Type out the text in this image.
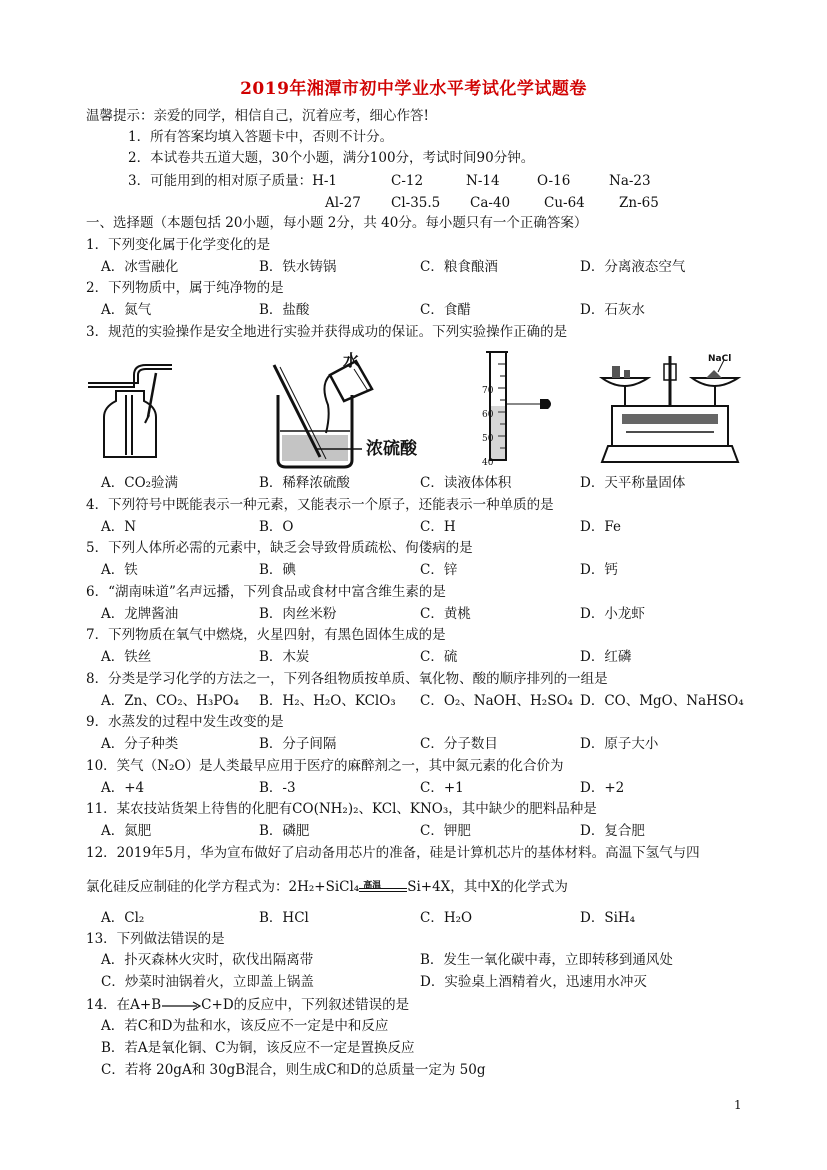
2019年湘潭市初中学业水平考试化学试题卷
温馨提示：亲爱的同学，相信自己，沉着应考，细心作答!
1．所有答案均填入答题卡中，否则不计分。
2．本试卷共五道大题，30个小题，满分100分，考试时间90分钟。
3．可能用到的相对原子质量：H-1	C-12	N-14	O-16	Na-23
Al-27 Cl-35.5 Ca-40	Cu-64	Zn-65
一、选择题（本题包括 20小题，每小题 2分，共 40分。每小题只有一个正确答案）
1．下列变化属于化学变化的是
A．冰雪融化	B．铁水铸锅	C．粮食酿酒	D．分离液态空气
2．下列物质中，属于纯净物的是
A．氮气	B．盐酸	C．食醋	D．石灰水
3．规范的实验操作是安全地进行实验并获得成功的保证。下列实验操作正确的是
水
浓硫酸
70
60
50
40
NaCl
A．CO₂验满	B．稀释浓硫酸	C．读液体体积	D．天平称量固体
4．下列符号中既能表示一种元素，又能表示一个原子，还能表示一种单质的是
A．N	B．O	C．H	D．Fe
5．下列人体所必需的元素中，缺乏会导致骨质疏松、佝偻病的是
A．铁	B．碘	C．锌	D．钙
6．“湖南味道”名声远播，下列食品或食材中富含维生素的是
A．龙牌酱油	B．肉丝米粉	C．黄桃	D．小龙虾
7．下列物质在氧气中燃烧，火星四射，有黑色固体生成的是
A．铁丝	B．木炭	C．硫	D．红磷
8．分类是学习化学的方法之一，下列各组物质按单质、氧化物、酸的顺序排列的一组是
A．Zn、CO₂、H₃PO₄ B．H₂、H₂O、KClO₃ C．O₂、NaOH、H₂SO₄ D．CO、MgO、NaHSO₄
9．水蒸发的过程中发生改变的是
A．分子种类	B．分子间隔	C．分子数目	D．原子大小
10．笑气（N₂O）是人类最早应用于医疗的麻醉剂之一，其中氮元素的化合价为
A．+4	B．-3	C．+1	D．+2
11．某农技站货架上待售的化肥有CO(NH₂)₂、KCl、KNO₃，其中缺少的肥料品种是
A．氮肥	B．磷肥	C．钾肥	D．复合肥
12．2019年5月，华为宣布做好了启动备用芯片的准备，硅是计算机芯片的基体材料。高温下氢气与四
氯化硅反应制硅的化学方程式为：2H₂+SiCl₄ 高温 Si+4X，其中X的化学式为
A．Cl₂	B．HCl	C．H₂O	D．SiH₄
13．下列做法错误的是
A．扑灭森林火灾时，砍伐出隔离带	B．发生一氧化碳中毒，立即转移到通风处
C．炒菜时油锅着火，立即盖上锅盖	D．实验桌上酒精着火，迅速用水冲灭
14．在A+B→C+D的反应中，下列叙述错误的是
A．若C和D为盐和水，该反应不一定是中和反应
B．若A是氧化铜、C为铜，该反应不一定是置换反应
C．若将 20gA和 30gB混合，则生成C和D的总质量一定为 50g
1
